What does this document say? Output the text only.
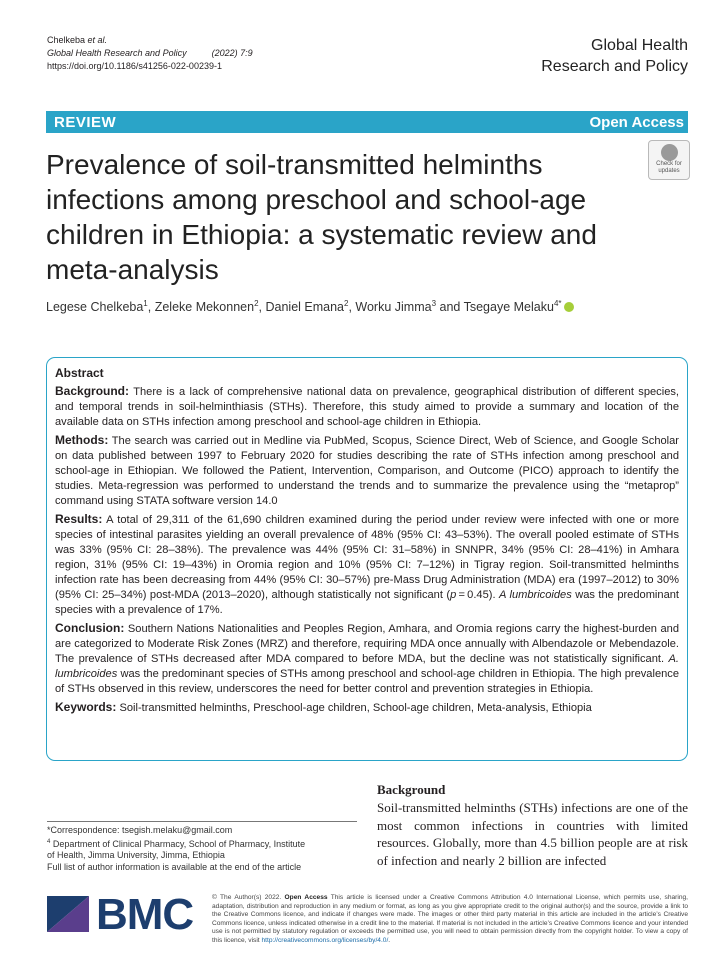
Chelkeba et al.
Global Health Research and Policy	(2022) 7:9
https://doi.org/10.1186/s41256-022-00239-1
Global Health
Research and Policy
REVIEW	Open Access
Prevalence of soil-transmitted helminths infections among preschool and school-age children in Ethiopia: a systematic review and meta-analysis
Check for
updates
Legese Chelkeba$^1$, Zeleke Mekonnen$^2$, Daniel Emana$^2$, Worku Jimma$^3$ and Tsegaye Melaku$^{4*}$
Abstract

Background: There is a lack of comprehensive national data on prevalence, geographical distribution of different species, and temporal trends in soil-helminthiasis (STHs). Therefore, this study aimed to provide a summary and location of the available data on STHs infection among preschool and school-age children in Ethiopia.

Methods: The search was carried out in Medline via PubMed, Scopus, Science Direct, Web of Science, and Google Scholar on data published between 1997 to February 2020 for studies describing the rate of STHs infection among preschool and school-age in Ethiopian. We followed the Patient, Intervention, Comparison, and Outcome (PICO) approach to identify the studies. Meta-regression was performed to understand the trends and to summarize the prevalence using the “metaprop” command using STATA software version 14.0

Results: A total of 29,311 of the 61,690 children examined during the period under review were infected with one or more species of intestinal parasites yielding an overall prevalence of 48% (95% CI: 43–53%). The overall pooled estimate of STHs was 33% (95% CI: 28–38%). The prevalence was 44% (95% CI: 31–58%) in SNNPR, 34% (95% CI: 28–41%) in Amhara region, 31% (95% CI: 19–43%) in Oromia region and 10% (95% CI: 7–12%) in Tigray region. Soil-transmitted helminths infection rate has been decreasing from 44% (95% CI: 30–57%) pre-Mass Drug Administration (MDA) era (1997–2012) to 30% (95% CI: 25–34%) post-MDA (2013–2020), although statistically not significant (p = 0.45). A lumbricoides was the predominant species with a prevalence of 17%.

Conclusion: Southern Nations Nationalities and Peoples Region, Amhara, and Oromia regions carry the highest-burden and are categorized to Moderate Risk Zones (MRZ) and therefore, requiring MDA once annually with Albendazole or Mebendazole. The prevalence of STHs decreased after MDA compared to before MDA, but the decline was not statistically significant. A. lumbricoides was the predominant species of STHs among preschool and school-age children in Ethiopia. The high prevalence of STHs observed in this review, underscores the need for better control and prevention strategies in Ethiopia.

Keywords: Soil-transmitted helminths, Preschool-age children, School-age children, Meta-analysis, Ethiopia

Background
Soil-transmitted helminths (STHs) infections are one of the most common infections in countries with limited resources. Globally, more than 4.5 billion people are at risk of infection and nearly 2 billion are infected
*Correspondence: tsegish.melaku@gmail.com
$^4$ Department of Clinical Pharmacy, School of Pharmacy, Institute
of Health, Jimma University, Jimma, Ethiopia
Full list of author information is available at the end of the article
BMC	© The Author(s) 2022. Open Access This article is licensed under a Creative Commons Attribution 4.0 International License, which permits use, sharing, adaptation, distribution and reproduction in any medium or format, as long as you give appropriate credit to the original author(s) and the source, provide a link to the Creative Commons licence, and indicate if changes were made. The images or other third party material in this article are included in the article’s Creative Commons licence, unless indicated otherwise in a credit line to the material. If material is not included in the article’s Creative Commons licence and your intended use is not permitted by statutory regulation or exceeds the permitted use, you will need to obtain permission directly from the copyright holder. To view a copy of this licence, visit http://creativecommons.org/licenses/by/4.0/.
